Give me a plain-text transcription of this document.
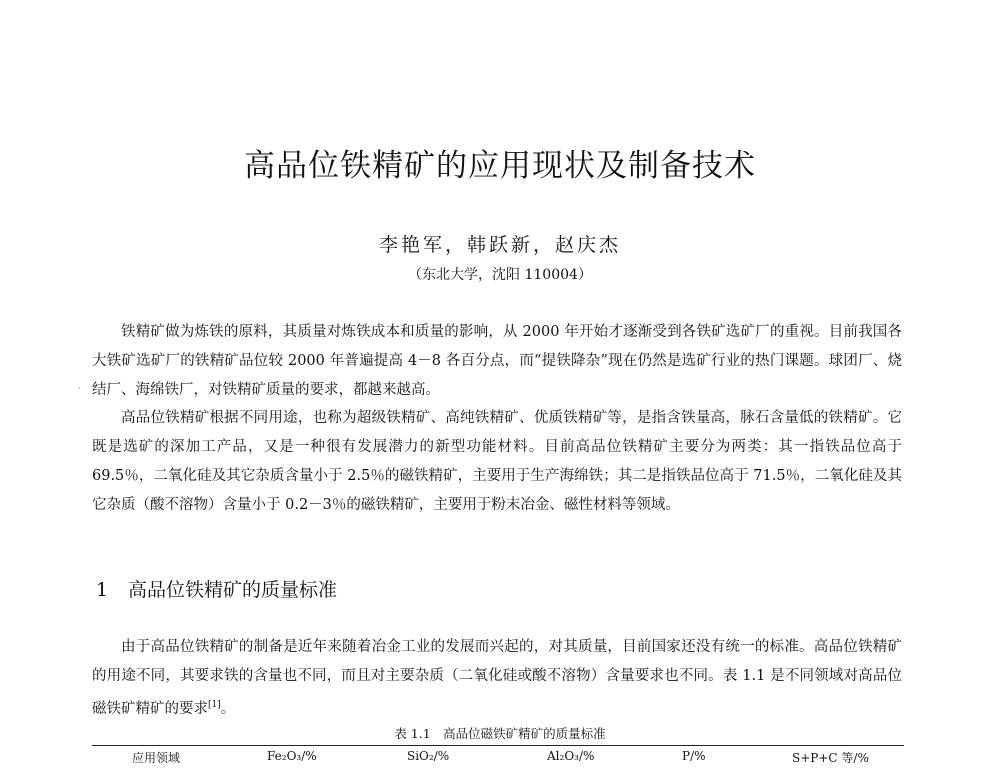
高品位铁精矿的应用现状及制备技术
李艳军，韩跃新，赵庆杰
（东北大学，沈阳 110004）
·

铁精矿做为炼铁的原料，其质量对炼铁成本和质量的影响，从 2000 年开始才逐渐受到各铁矿选矿厂的重视。目前我国各大铁矿选矿厂的铁精矿品位较 2000 年普遍提高 4－8 各百分点，而“提铁降杂”现在仍然是选矿行业的热门课题。球团厂、烧结厂、海绵铁厂，对铁精矿质量的要求，都越来越高。

高品位铁精矿根据不同用途，也称为超级铁精矿、高纯铁精矿、优质铁精矿等，是指含铁量高，脉石含量低的铁精矿。它既是选矿的深加工产品，又是一种很有发展潜力的新型功能材料。目前高品位铁精矿主要分为两类：其一指铁品位高于 69.5％，二氧化硅及其它杂质含量小于 2.5％的磁铁精矿，主要用于生产海绵铁；其二是指铁品位高于 71.5％，二氧化硅及其它杂质（酸不溶物）含量小于 0.2－3％的磁铁精矿，主要用于粉末冶金、磁性材料等领域。

1 高品位铁精矿的质量标准

由于高品位铁精矿的制备是近年来随着冶金工业的发展而兴起的，对其质量，目前国家还没有统一的标准。高品位铁精矿的用途不同，其要求铁的含量也不同，而且对主要杂质（二氧化硅或酸不溶物）含量要求也不同。表 1.1 是不同领域对高品位磁铁矿精矿的要求[1]。

表 1.1　高品位磁铁矿精矿的质量标准
应用领域	Fe₂O₃/%	SiO₂/%	Al₂O₃/%	P/%	S+P+C 等/%
